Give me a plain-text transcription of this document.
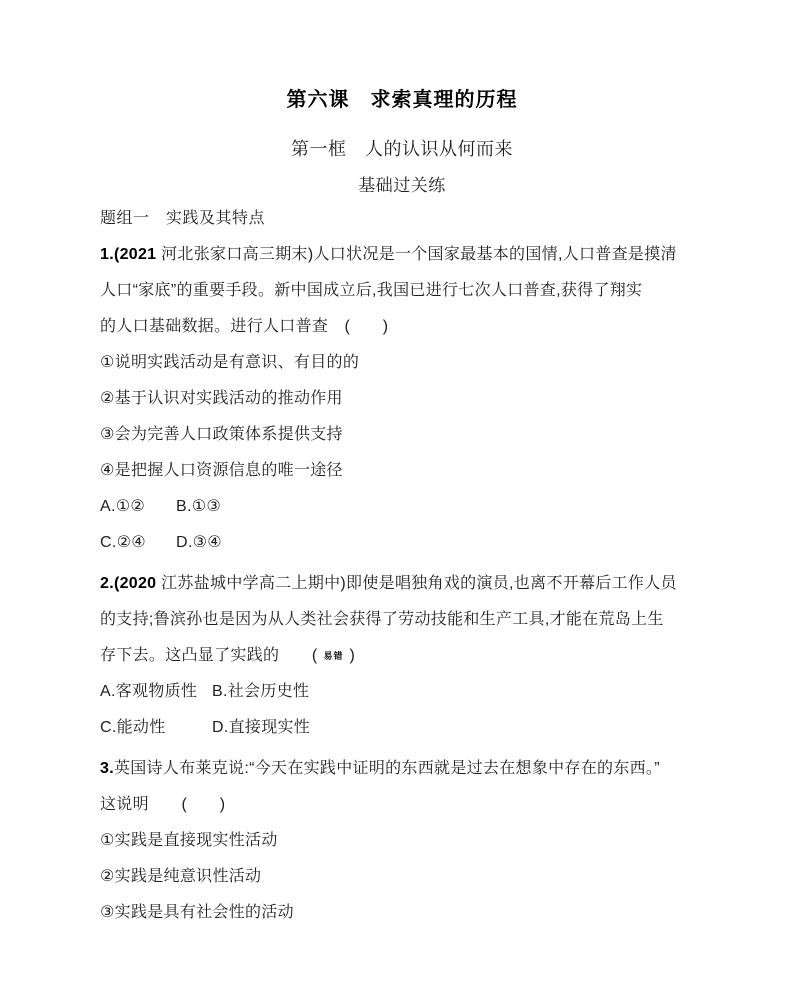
第六课　求索真理的历程
第一框　人的认识从何而来
基础过关练
题组一　实践及其特点
1.(2021 河北张家口高三期末)人口状况是一个国家最基本的国情,人口普查是摸清
人口“家底”的重要手段。新中国成立后,我国已进行七次人口普查,获得了翔实
的人口基础数据。进行人口普查　(　　)
①说明实践活动是有意识、有目的的
②基于认识对实践活动的推动作用
③会为完善人口政策体系提供支持
④是把握人口资源信息的唯一途径
A.①② B.①③
C.②④ D.③④
2.(2020 江苏盐城中学高二上期中)即使是唱独角戏的演员,也离不开幕后工作人员
的支持;鲁滨孙也是因为从人类社会获得了劳动技能和生产工具,才能在荒岛上生
存下去。这凸显了实践的　　( 易错 )
A.客观物质性 B.社会历史性
C.能动性	D.直接现实性
3.英国诗人布莱克说:“今天在实践中证明的东西就是过去在想象中存在的东西。”
这说明　　(　　)
①实践是直接现实性活动
②实践是纯意识性活动
③实践是具有社会性的活动
